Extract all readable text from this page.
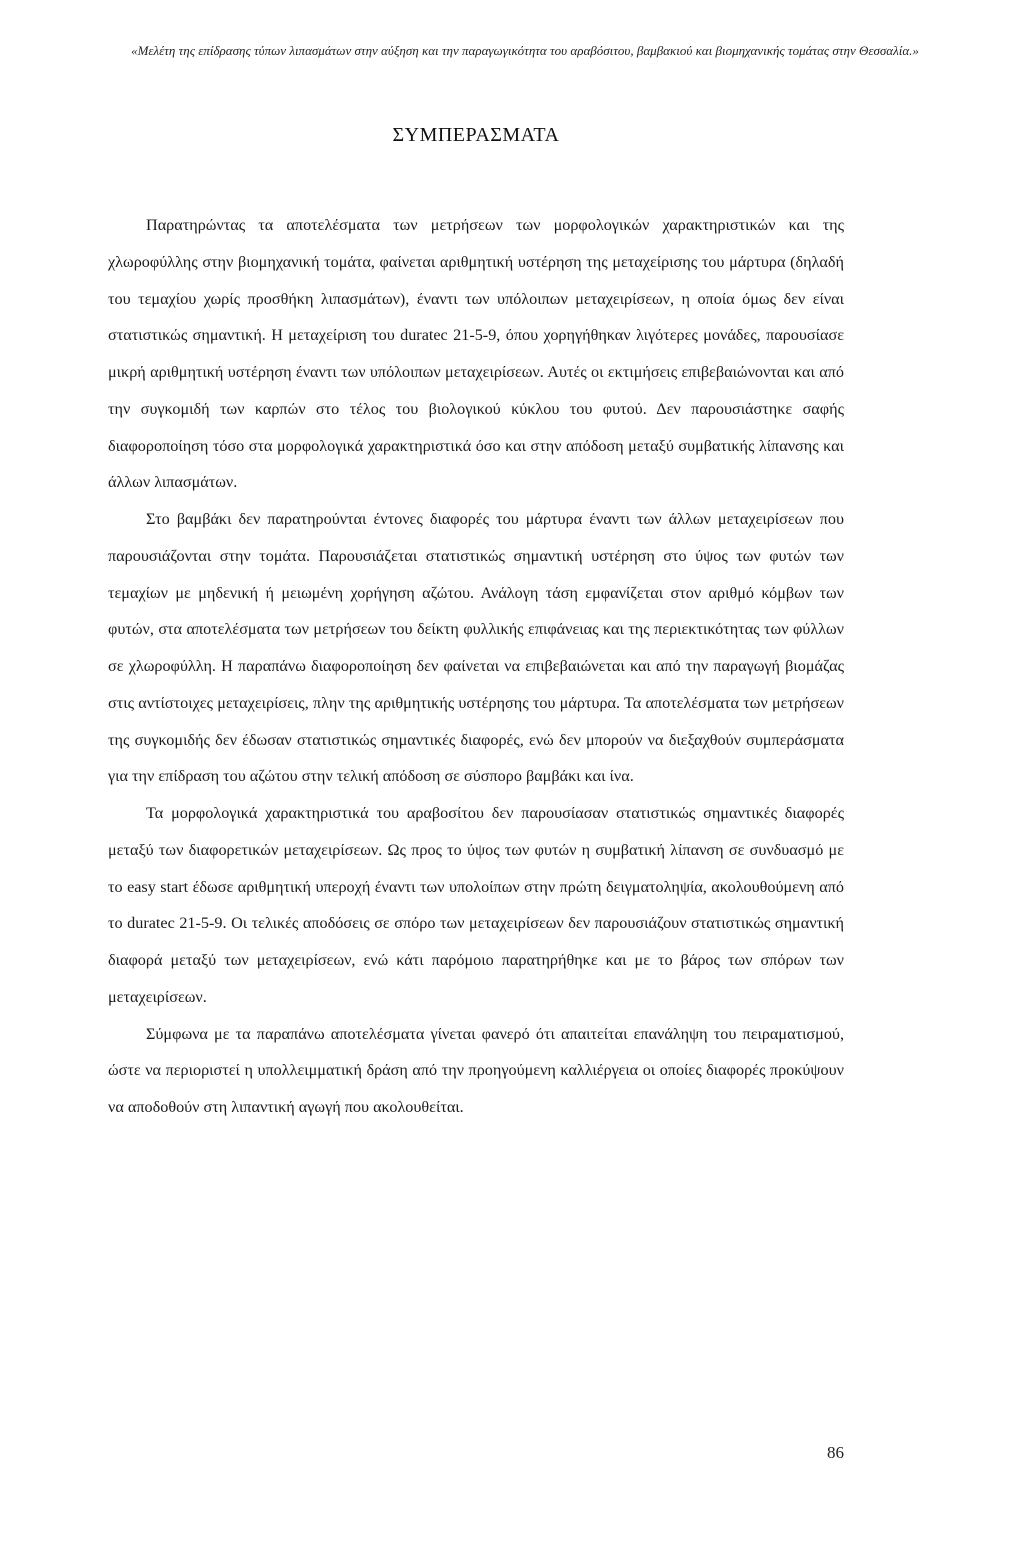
«Μελέτη της επίδρασης τύπων λιπασμάτων στην αύξηση και την παραγωγικότητα του αραβόσιτου, βαμβακιού και βιομηχανικής τομάτας στην Θεσσαλία.»
ΣΥΜΠΕΡΑΣΜΑΤΑ

Παρατηρώντας τα αποτελέσματα των μετρήσεων των μορφολογικών χαρακτηριστικών και της χλωροφύλλης στην βιομηχανική τομάτα, φαίνεται αριθμητική υστέρηση της μεταχείρισης του μάρτυρα (δηλαδή του τεμαχίου χωρίς προσθήκη λιπασμάτων), έναντι των υπόλοιπων μεταχειρίσεων, η οποία όμως δεν είναι στατιστικώς σημαντική. Η μεταχείριση του duratec 21-5-9, όπου χορηγήθηκαν λιγότερες μονάδες, παρουσίασε μικρή αριθμητική υστέρηση έναντι των υπόλοιπων μεταχειρίσεων. Αυτές οι εκτιμήσεις επιβεβαιώνονται και από την συγκομιδή των καρπών στο τέλος του βιολογικού κύκλου του φυτού. Δεν παρουσιάστηκε σαφής διαφοροποίηση τόσο στα μορφολογικά χαρακτηριστικά όσο και στην απόδοση μεταξύ συμβατικής λίπανσης και άλλων λιπασμάτων.

Στο βαμβάκι δεν παρατηρούνται έντονες διαφορές του μάρτυρα έναντι των άλλων μεταχειρίσεων που παρουσιάζονται στην τομάτα. Παρουσιάζεται στατιστικώς σημαντική υστέρηση στο ύψος των φυτών των τεμαχίων με μηδενική ή μειωμένη χορήγηση αζώτου. Ανάλογη τάση εμφανίζεται στον αριθμό κόμβων των φυτών, στα αποτελέσματα των μετρήσεων του δείκτη φυλλικής επιφάνειας και της περιεκτικότητας των φύλλων σε χλωροφύλλη. Η παραπάνω διαφοροποίηση δεν φαίνεται να επιβεβαιώνεται και από την παραγωγή βιομάζας στις αντίστοιχες μεταχειρίσεις, πλην της αριθμητικής υστέρησης του μάρτυρα. Τα αποτελέσματα των μετρήσεων της συγκομιδής δεν έδωσαν στατιστικώς σημαντικές διαφορές, ενώ δεν μπορούν να διεξαχθούν συμπεράσματα για την επίδραση του αζώτου στην τελική απόδοση σε σύσπορο βαμβάκι και ίνα.

Τα μορφολογικά χαρακτηριστικά του αραβοσίτου δεν παρουσίασαν στατιστικώς σημαντικές διαφορές μεταξύ των διαφορετικών μεταχειρίσεων. Ως προς το ύψος των φυτών η συμβατική λίπανση σε συνδυασμό με το easy start έδωσε αριθμητική υπεροχή έναντι των υπολοίπων στην πρώτη δειγματοληψία, ακολουθούμενη από το duratec 21-5-9. Οι τελικές αποδόσεις σε σπόρο των μεταχειρίσεων δεν παρουσιάζουν στατιστικώς σημαντική διαφορά μεταξύ των μεταχειρίσεων, ενώ κάτι παρόμοιο παρατηρήθηκε και με το βάρος των σπόρων των μεταχειρίσεων.

Σύμφωνα με τα παραπάνω αποτελέσματα γίνεται φανερό ότι απαιτείται επανάληψη του πειραματισμού, ώστε να περιοριστεί η υπολλειμματική δράση από την προηγούμενη καλλιέργεια οι οποίες διαφορές προκύψουν να αποδοθούν στη λιπαντική αγωγή που ακολουθείται.

86
